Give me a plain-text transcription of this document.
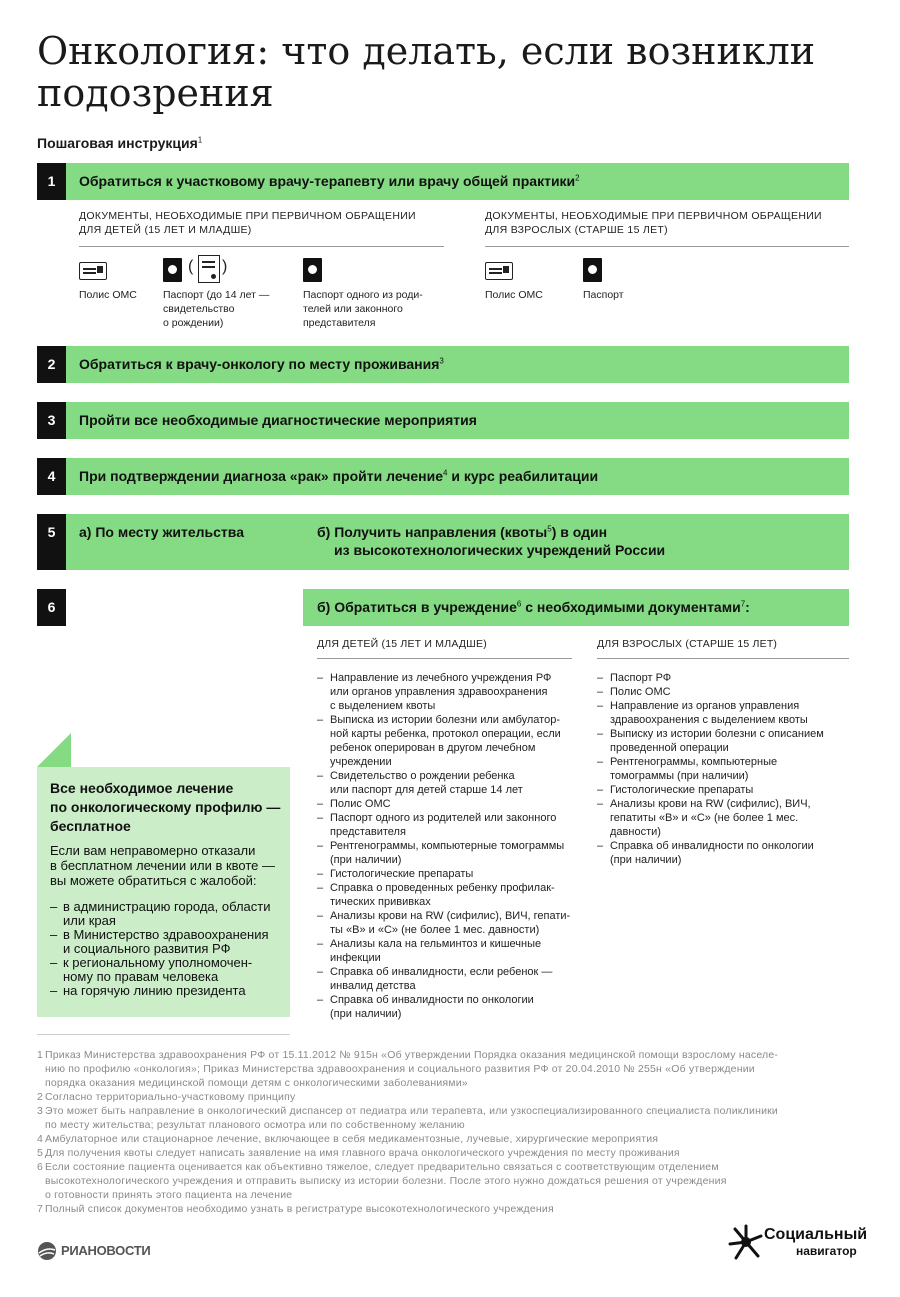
Онкология: что делать, если возникли
подозрения
Пошаговая инструкция$^1$
1	Обратиться к участковому врачу-терапевту или врачу общей практики$^2$
ДОКУМЕНТЫ, НЕОБХОДИМЫЕ ПРИ ПЕРВИЧНОМ ОБРАЩЕНИИ
ДЛЯ ДЕТЕЙ (15 ЛЕТ И МЛАДШЕ)
Полис ОМС
( )
Паспорт (до 14 лет —
свидетельство
о рождении)
Паспорт одного из роди-
телей или законного
представителя
ДОКУМЕНТЫ, НЕОБХОДИМЫЕ ПРИ ПЕРВИЧНОМ ОБРАЩЕНИИ
ДЛЯ ВЗРОСЛЫХ (СТАРШЕ 15 ЛЕТ)
Полис ОМС	Паспорт
2	Обратиться к врачу-онкологу по месту проживания$^3$
3	Пройти все необходимые диагностические мероприятия
4	При подтверждении диагноза «рак» пройти лечение$^4$ и курс реабилитации
5	а) По месту жительства	б) Получить направления (квоты$^5$) в один
из высокотехнологических учреждений России
6	б) Обратиться в учреждение$^6$ с необходимыми документами$^7$:
ДЛЯ ДЕТЕЙ (15 ЛЕТ И МЛАДШЕ)
– Направление из лечебного учреждения РФ
или органов управления здравоохранения
с выделением квоты
– Выписка из истории болезни или амбулатор-
ной карты ребенка, протокол операции, если
ребенок оперирован в другом лечебном
учреждении
– Свидетельство о рождении ребенка
или паспорт для детей старше 14 лет
– Полис ОМС
– Паспорт одного из родителей или законного
представителя
– Рентгенограммы, компьютерные томограммы
(при наличии)
– Гистологические препараты
– Справка о проведенных ребенку профилак-
тических прививках
– Анализы крови на RW (сифилис), ВИЧ, гепати-
ты «В» и «С» (не более 1 мес. давности)
– Анализы кала на гельминтоз и кишечные
инфекции
– Справка об инвалидности, если ребенок —
инвалид детства
– Справка об инвалидности по онкологии
(при наличии)
ДЛЯ ВЗРОСЛЫХ (СТАРШЕ 15 ЛЕТ)
– Паспорт РФ
– Полис ОМС
– Направление из органов управления
здравоохранения с выделением квоты
– Выписку из истории болезни с описанием
проведенной операции
– Рентгенограммы, компьютерные
томограммы (при наличии)
– Гистологические препараты
– Анализы крови на RW (сифилис), ВИЧ,
гепатиты «В» и «С» (не более 1 мес.
давности)
– Справка об инвалидности по онкологии
(при наличии)
Все необходимое лечение
по онкологическому профилю —
бесплатное
Если вам неправомерно отказали
в бесплатном лечении или в квоте —
вы можете обратиться с жалобой:
– в администрацию города, области
или края
– в Министерство здравоохранения
и социального развития РФ
– к региональному уполномочен-
ному по правам человека
– на горячую линию президента

1 Приказ Министерства здравоохранения РФ от 15.11.2012 № 915н «Об утверждении Порядка оказания медицинской помощи взрослому населе-
нию по профилю «онкология»; Приказ Министерства здравоохранения и социального развития РФ от 20.04.2010 № 255н «Об утверждении
порядка оказания медицинской помощи детям с онкологическими заболеваниями»

2 Согласно территориально-участковому принципу

3 Это может быть направление в онкологический диспансер от педиатра или терапевта, или узкоспециализированного специалиста поликлиники
по месту жительства; результат планового осмотра или по собственному желанию

4 Амбулаторное или стационарное лечение, включающее в себя медикаментозные, лучевые, хирургические мероприятия

5 Для получения квоты следует написать заявление на имя главного врача онкологического учреждения по месту проживания

6 Если состояние пациента оценивается как объективно тяжелое, следует предварительно связаться с соответствующим отделением
высокотехнологического учреждения и отправить выписку из истории болезни. После этого нужно дождаться решения от учреждения
о готовности принять этого пациента на лечение

7 Полный список документов необходимо узнать в регистратуре высокотехнологического учреждения

РИАНОВОСТИ
Социальный
навигатор
